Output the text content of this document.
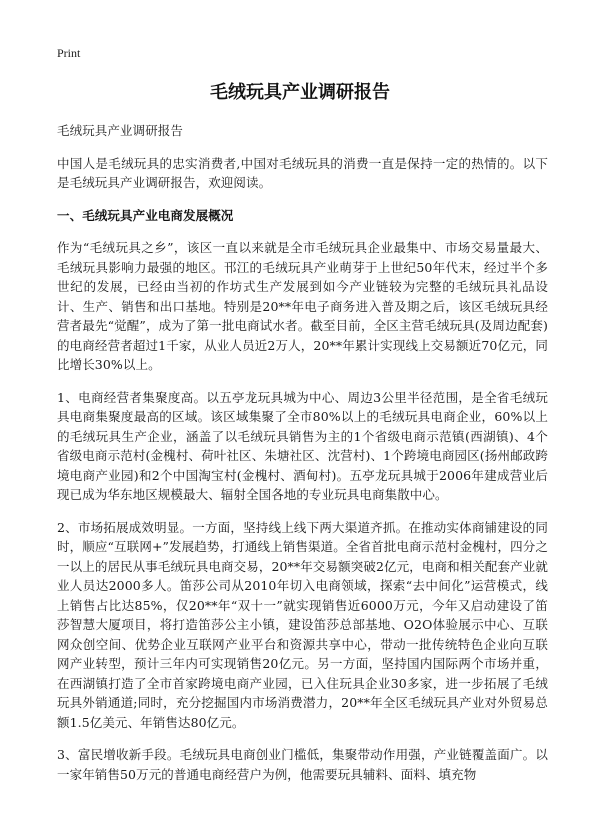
Print
毛绒玩具产业调研报告

毛绒玩具产业调研报告

中国人是毛绒玩具的忠实消费者,中国对毛绒玩具的消费一直是保持一定的热情的。以下是毛绒玩具产业调研报告，欢迎阅读。

一、毛绒玩具产业电商发展概况

作为“毛绒玩具之乡”，该区一直以来就是全市毛绒玩具企业最集中、市场交易量最大、毛绒玩具影响力最强的地区。邗江的毛绒玩具产业萌芽于上世纪50年代末，经过半个多世纪的发展，已经由当初的作坊式生产发展到如今产业链较为完整的毛绒玩具礼品设计、生产、销售和出口基地。特别是20**年电子商务进入普及期之后，该区毛绒玩具经营者最先“觉醒”，成为了第一批电商试水者。截至目前，全区主营毛绒玩具(及周边配套)的电商经营者超过1千家，从业人员近2万人，20**年累计实现线上交易额近70亿元，同比增长30%以上。

1、电商经营者集聚度高。以五亭龙玩具城为中心、周边3公里半径范围，是全省毛绒玩具电商集聚度最高的区域。该区域集聚了全市80%以上的毛绒玩具电商企业，60%以上的毛绒玩具生产企业，涵盖了以毛绒玩具销售为主的1个省级电商示范镇(西湖镇)、4个省级电商示范村(金槐村、荷叶社区、朱塘社区、沈营村)、1个跨境电商园区(扬州邮政跨境电商产业园)和2个中国淘宝村(金槐村、酒甸村)。五亭龙玩具城于2006年建成营业后现已成为华东地区规模最大、辐射全国各地的专业玩具电商集散中心。

2、市场拓展成效明显。一方面，坚持线上线下两大渠道齐抓。在推动实体商铺建设的同时，顺应“互联网+”发展趋势，打通线上销售渠道。全省首批电商示范村金槐村，四分之一以上的居民从事毛绒玩具电商交易，20**年交易额突破2亿元，电商和相关配套产业就业人员达2000多人。笛莎公司从2010年切入电商领域，探索“去中间化”运营模式，线上销售占比达85%，仅20**年“双十一”就实现销售近6000万元，今年又启动建设了笛莎智慧大厦项目，将打造笛莎公主小镇，建设笛莎总部基地、O2O体验展示中心、互联网众创空间、优势企业互联网产业平台和资源共享中心，带动一批传统特色企业向互联网产业转型，预计三年内可实现销售20亿元。另一方面，坚持国内国际两个市场并重，在西湖镇打造了全市首家跨境电商产业园，已入住玩具企业30多家，进一步拓展了毛绒玩具外销通道;同时，充分挖掘国内市场消费潜力，20**年全区毛绒玩具产业对外贸易总额1.5亿美元、年销售达80亿元。

3、富民增收新手段。毛绒玩具电商创业门槛低，集聚带动作用强，产业链覆盖面广。以一家年销售50万元的普通电商经营户为例，他需要玩具辅料、面料、填充物
